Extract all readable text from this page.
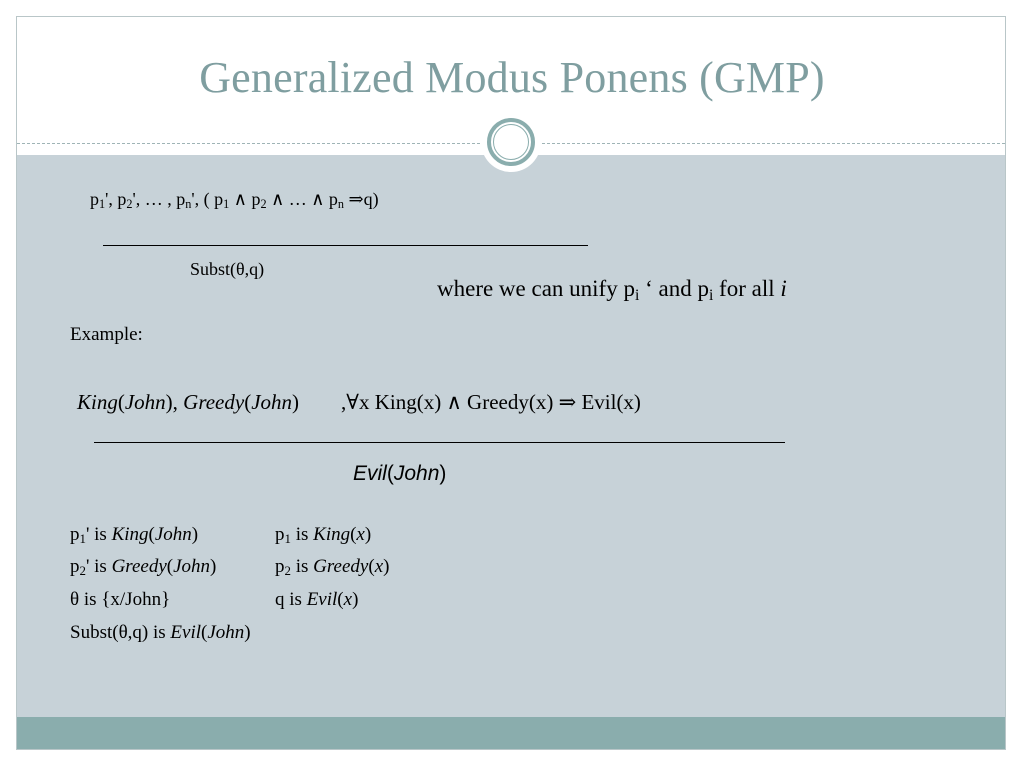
Generalized Modus Ponens (GMP)
$p_1'$, $p_2'$, … , $p_n'$, ( $p_1$ ∧ $p_2$ ∧ … ∧ $p_n$ ⇒q)
Subst(θ,q)
where we can unify $p_i$ ‘ and $p_i$ for all i
Example:
King(John), Greedy(John)        ,∀x King(x) ∧ Greedy(x) ⇒ Evil(x)
Evil(John)
$p_1'$ is King(John)
$p_2'$ is Greedy(John)
θ is {x/John}
Subst(θ,q) is Evil(John)
$p_1$ is King(x)
$p_2$ is Greedy(x)
q is Evil(x)
